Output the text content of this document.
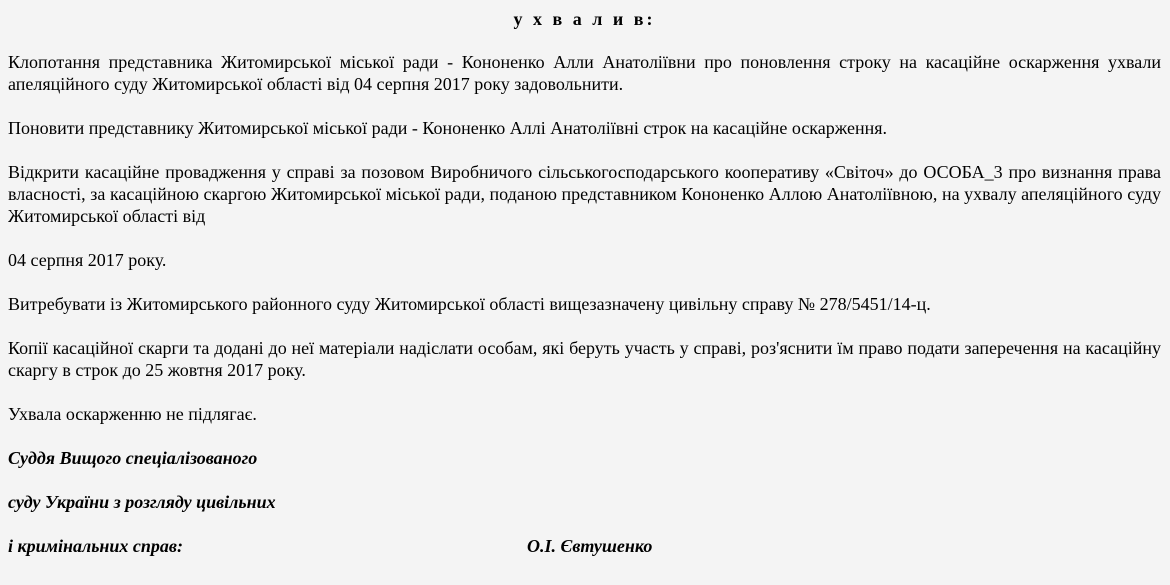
у х в а л и в:
Клопотання представника Житомирської міської ради - Кононенко Алли Анатоліївни про поновлення строку на касаційне оскарження ухвали апеляційного суду Житомирської області від 04 серпня 2017 року задовольнити.
Поновити представнику Житомирської міської ради - Кононенко Аллі Анатоліївні строк на касаційне оскарження.
Відкрити касаційне провадження у справі за позовом Виробничого сільськогосподарського кооперативу «Світоч» до ОСОБА_3 про визнання права власності, за касаційною скаргою Житомирської міської ради, поданою представником Кононенко Аллою Анатоліївною, на ухвалу апеляційного суду Житомирської області від
04 серпня 2017 року.
Витребувати із Житомирського районного суду Житомирської області вищезазначену цивільну справу № 278/5451/14-ц.
Копії касаційної скарги та додані до неї матеріали надіслати особам, які беруть участь у справі, роз'яснити їм право подати заперечення на касаційну скаргу в строк до 25 жовтня 2017 року.
Ухвала оскарженню не підлягає.
Суддя Вищого спеціалізованого
суду України з розгляду цивільних
і кримінальних справ:	О.І. Євтушенко
